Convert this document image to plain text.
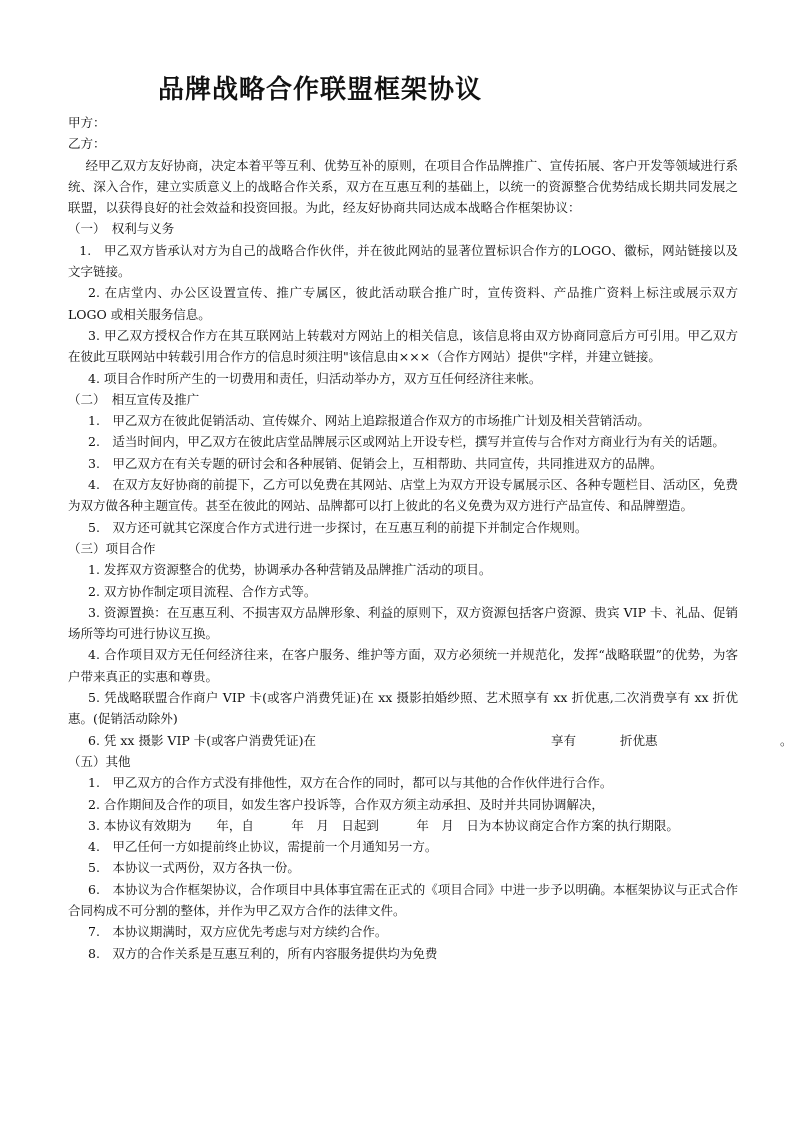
品牌战略合作联盟框架协议

甲方：

乙方：

经甲乙双方友好协商，决定本着平等互利、优势互补的原则，在项目合作品牌推广、宣传拓展、客户开发等领域进行系统、深入合作，建立实质意义上的战略合作关系，双方在互惠互利的基础上，以统一的资源整合优势结成长期共同发展之联盟，以获得良好的社会效益和投资回报。为此，经友好协商共同达成本战略合作框架协议：

（一）　权利与义务

1.　甲乙双方皆承认对方为自己的战略合作伙伴，并在彼此网站的显著位置标识合作方的LOGO、徽标，网站链接以及文字链接。

2. 在店堂内、办公区设置宣传、推广专属区，彼此活动联合推广时，宣传资料、产品推广资料上标注或展示双方 LOGO 或相关服务信息。

3. 甲乙双方授权合作方在其互联网站上转载对方网站上的相关信息，该信息将由双方协商同意后方可引用。甲乙双方在彼此互联网站中转载引用合作方的信息时须注明"该信息由×××（合作方网站）提供"字样，并建立链接。

4. 项目合作时所产生的一切费用和责任，归活动举办方，双方互任何经济往来帐。

（二）　相互宣传及推广

1.　甲乙双方在彼此促销活动、宣传媒介、网站上追踪报道合作双方的市场推广计划及相关营销活动。

2.　适当时间内，甲乙双方在彼此店堂品牌展示区或网站上开设专栏，撰写并宣传与合作对方商业行为有关的话题。

3.　甲乙双方在有关专题的研讨会和各种展销、促销会上，互相帮助、共同宣传，共同推进双方的品牌。

4.　在双方友好协商的前提下，乙方可以免费在其网站、店堂上为双方开设专属展示区、各种专题栏目、活动区，免费为双方做各种主题宣传。甚至在彼此的网站、品牌都可以打上彼此的名义免费为双方进行产品宣传、和品牌塑造。

5.　双方还可就其它深度合作方式进行进一步探讨，在互惠互利的前提下并制定合作规则。

（三）项目合作

1. 发挥双方资源整合的优势，协调承办各种营销及品牌推广活动的项目。

2. 双方协作制定项目流程、合作方式等。

3. 资源置换：在互惠互利、不损害双方品牌形象、利益的原则下，双方资源包括客户资源、贵宾 VIP 卡、礼品、促销场所等均可进行协议互换。

4. 合作项目双方无任何经济往来，在客户服务、维护等方面，双方必须统一并规范化，发挥“战略联盟”的优势，为客户带来真正的实惠和尊贵。

5. 凭战略联盟合作商户 VIP 卡(或客户消费凭证)在 xx 摄影拍婚纱照、艺术照享有 xx 折优惠,二次消费享有 xx 折优惠。(促销活动除外)

6. 凭 xx 摄影 VIP 卡(或客户消费凭证)在	享有	折优惠	。

（五）其他

1.　甲乙双方的合作方式没有排他性，双方在合作的同时，都可以与其他的合作伙伴进行合作。

2. 合作期间及合作的项目，如发生客户投诉等，合作双方须主动承担、及时并共同协调解决，

3. 本协议有效期为　　年，自　　　年　月　日起到　　　年　月　日为本协议商定合作方案的执行期限。

4.　甲乙任何一方如提前终止协议，需提前一个月通知另一方。

5.　本协议一式两份，双方各执一份。

6.　本协议为合作框架协议，合作项目中具体事宜需在正式的《项目合同》中进一步予以明确。本框架协议与正式合作合同构成不可分割的整体，并作为甲乙双方合作的法律文件。

7.　本协议期满时，双方应优先考虑与对方续约合作。

8.　双方的合作关系是互惠互利的，所有内容服务提供均为免费
